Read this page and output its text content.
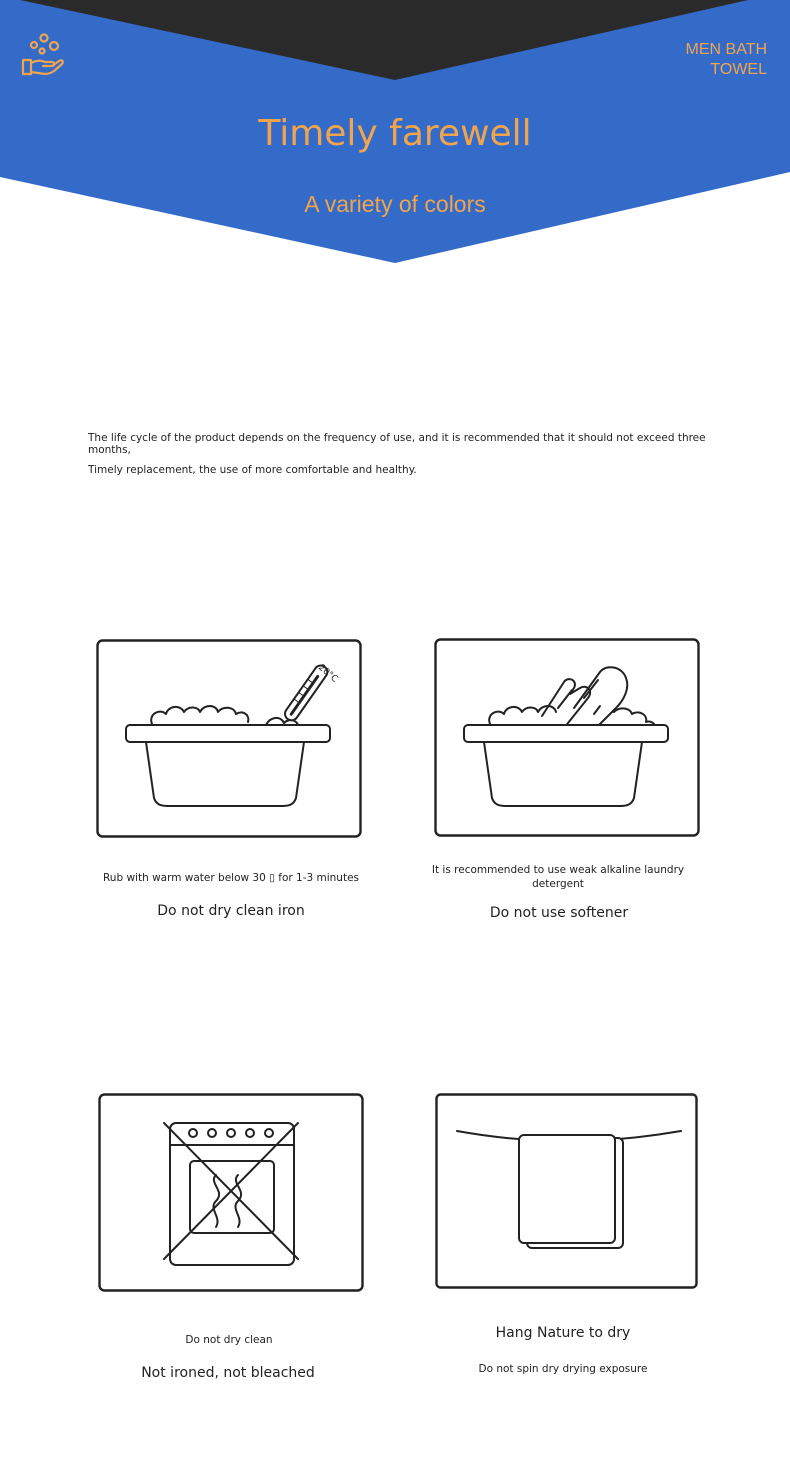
MEN BATH
TOWEL
Timely farewell
A variety of colors
The life cycle of the product depends on the frequency of use, and it is recommended that it should not exceed three months,
Timely replacement, the use of more comfortable and healthy.
20°C
Rub with warm water below 30 ▯ for 1-3 minutes
Do not dry clean iron
It is recommended to use weak alkaline laundry detergent
Do not use softener
Do not dry clean
Not ironed, not bleached
Hang Nature to dry
Do not spin dry drying exposure
